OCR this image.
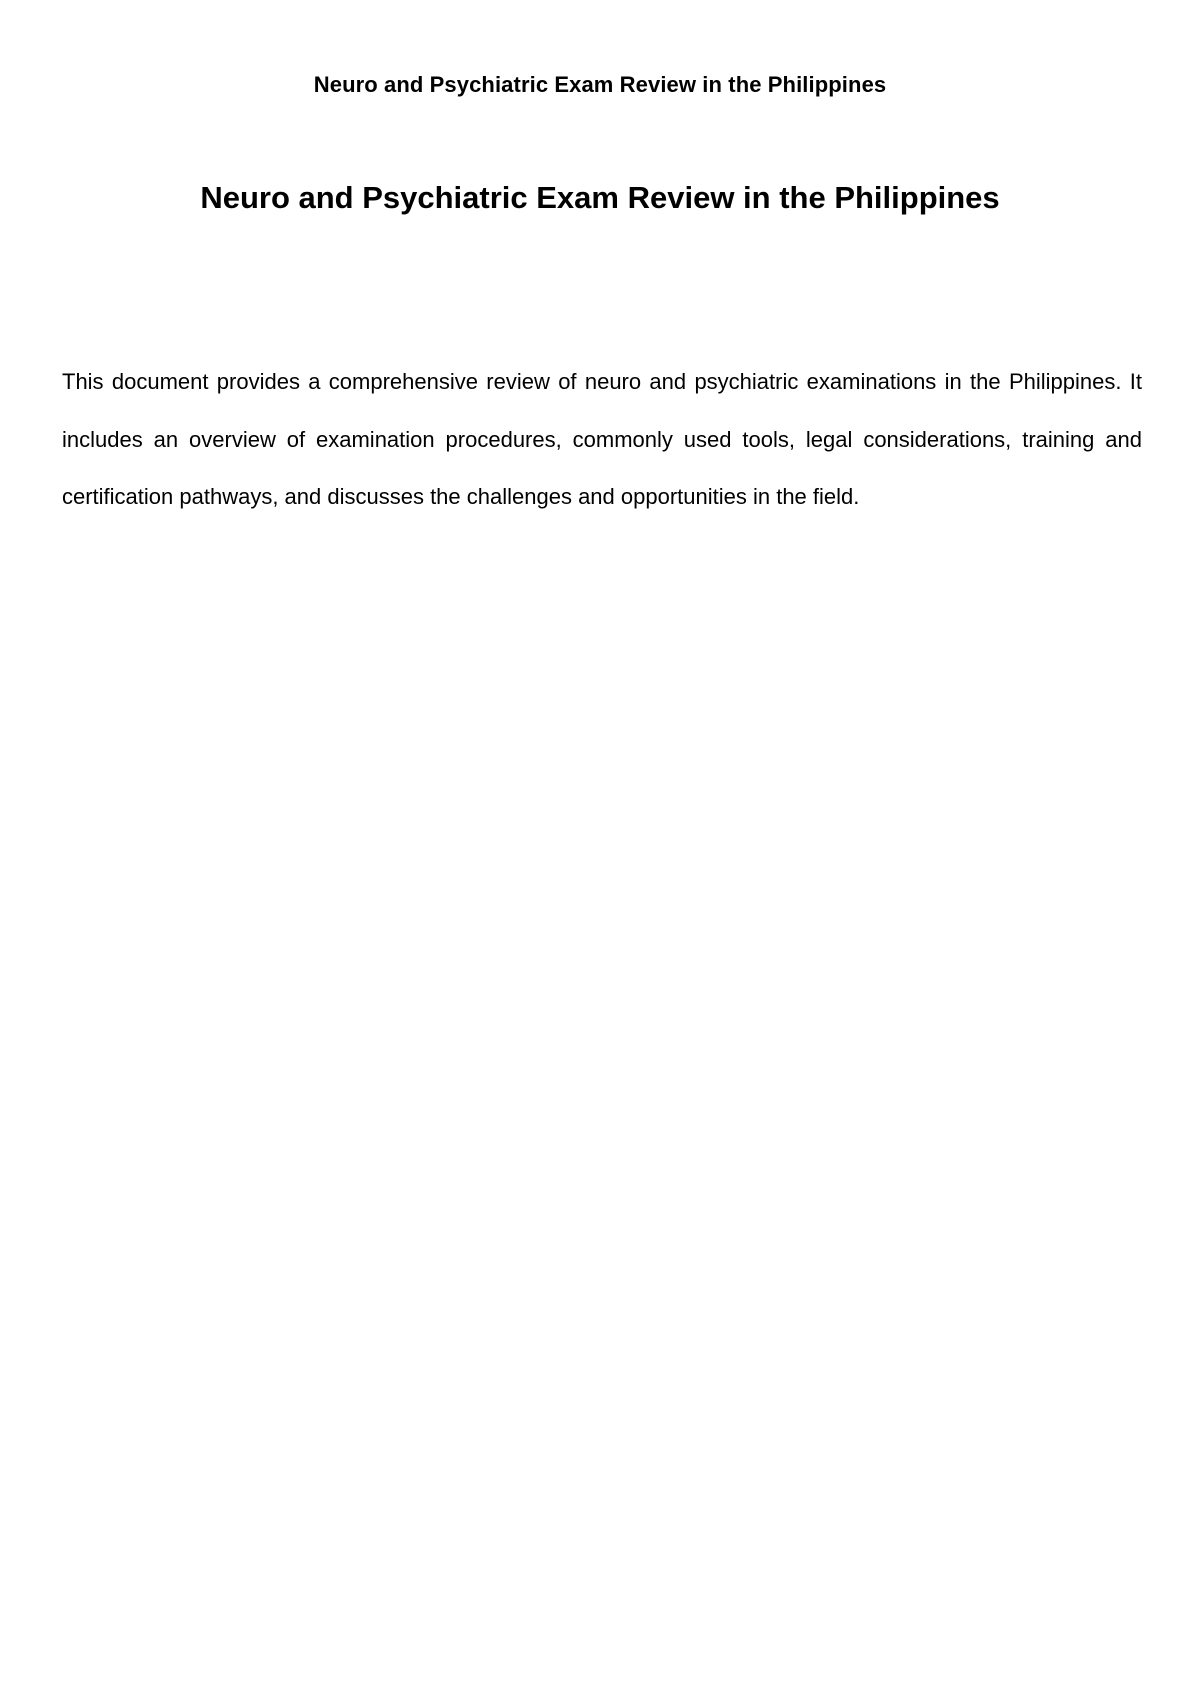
Neuro and Psychiatric Exam Review in the Philippines
Neuro and Psychiatric Exam Review in the Philippines

This document provides a comprehensive review of neuro and psychiatric examinations in the Philippines. It includes an overview of examination procedures, commonly used tools, legal considerations, training and certification pathways, and discusses the challenges and opportunities in the field.
